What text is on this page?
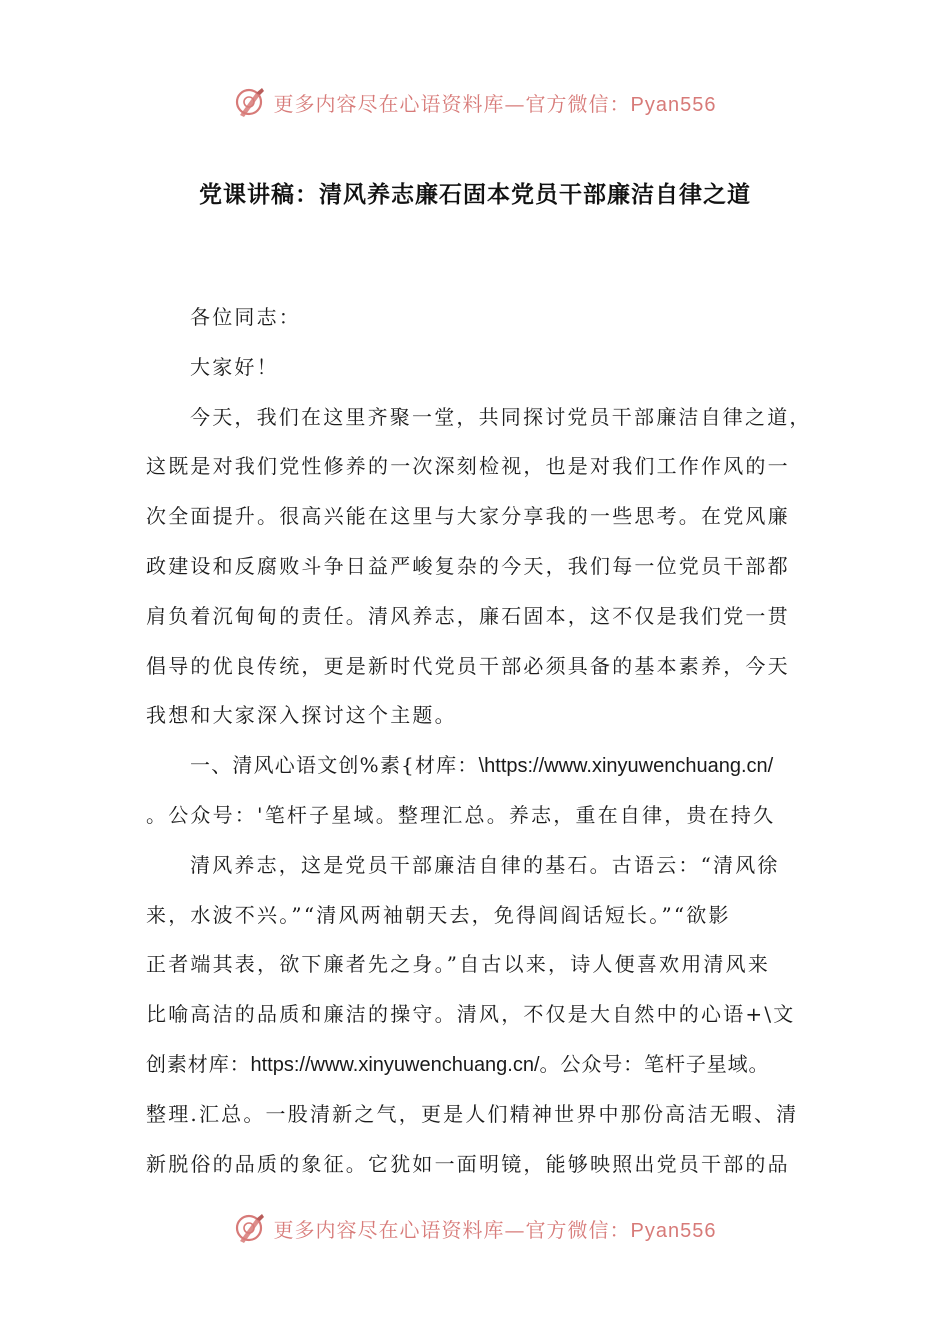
更多内容尽在心语资料库—官方微信：Pyan556
党课讲稿：清风养志廉石固本党员干部廉洁自律之道
各位同志：
大家好！
今天，我们在这里齐聚一堂，共同探讨党员干部廉洁自律之道，
这既是对我们党性修养的一次深刻检视，也是对我们工作作风的一
次全面提升。很高兴能在这里与大家分享我的一些思考。在党风廉
政建设和反腐败斗争日益严峻复杂的今天，我们每一位党员干部都
肩负着沉甸甸的责任。清风养志，廉石固本，这不仅是我们党一贯
倡导的优良传统，更是新时代党员干部必须具备的基本素养，今天
我想和大家深入探讨这个主题。
一、清风心语文创%素{材库：\https://www.xinyuwenchuang.cn/
。公众号：'笔杆子星域。整理汇总。养志，重在自律，贵在持久
清风养志，这是党员干部廉洁自律的基石。古语云：“清风徐
来，水波不兴。”“清风两袖朝天去，免得闾阎话短长。”“欲影
正者端其表，欲下廉者先之身。”自古以来，诗人便喜欢用清风来
比喻高洁的品质和廉洁的操守。清风，不仅是大自然中的心语+\文
创素材库：https://www.xinyuwenchuang.cn/。公众号：笔杆子星域。
整理.汇总。一股清新之气，更是人们精神世界中那份高洁无暇、清
新脱俗的品质的象征。它犹如一面明镜，能够映照出党员干部的品
更多内容尽在心语资料库—官方微信：Pyan556
